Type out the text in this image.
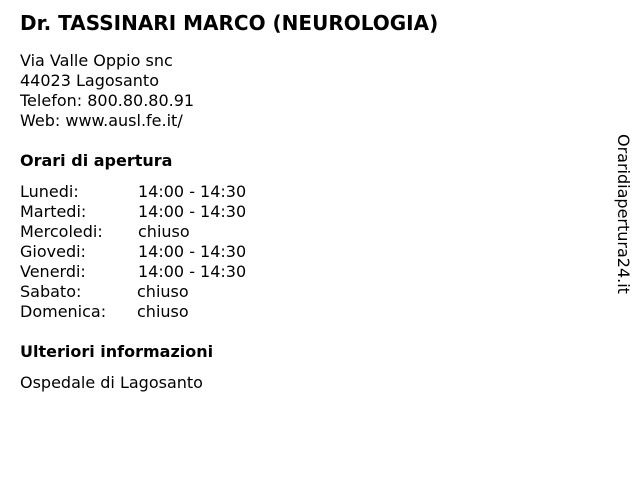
Dr. TASSINARI MARCO (NEUROLOGIA)
Via Valle Oppio snc
44023 Lagosanto
Telefon: 800.80.80.91
Web: www.ausl.fe.it/
Orari di apertura
Lunedi:	14:00 - 14:30
Martedi:	14:00 - 14:30
Mercoledi:	chiuso
Giovedi:	14:00 - 14:30
Venerdi:	14:00 - 14:30
Sabato:	chiuso
Domenica:	chiuso
Ulteriori informazioni
Ospedale di Lagosanto
Oraridiapertura24.it
